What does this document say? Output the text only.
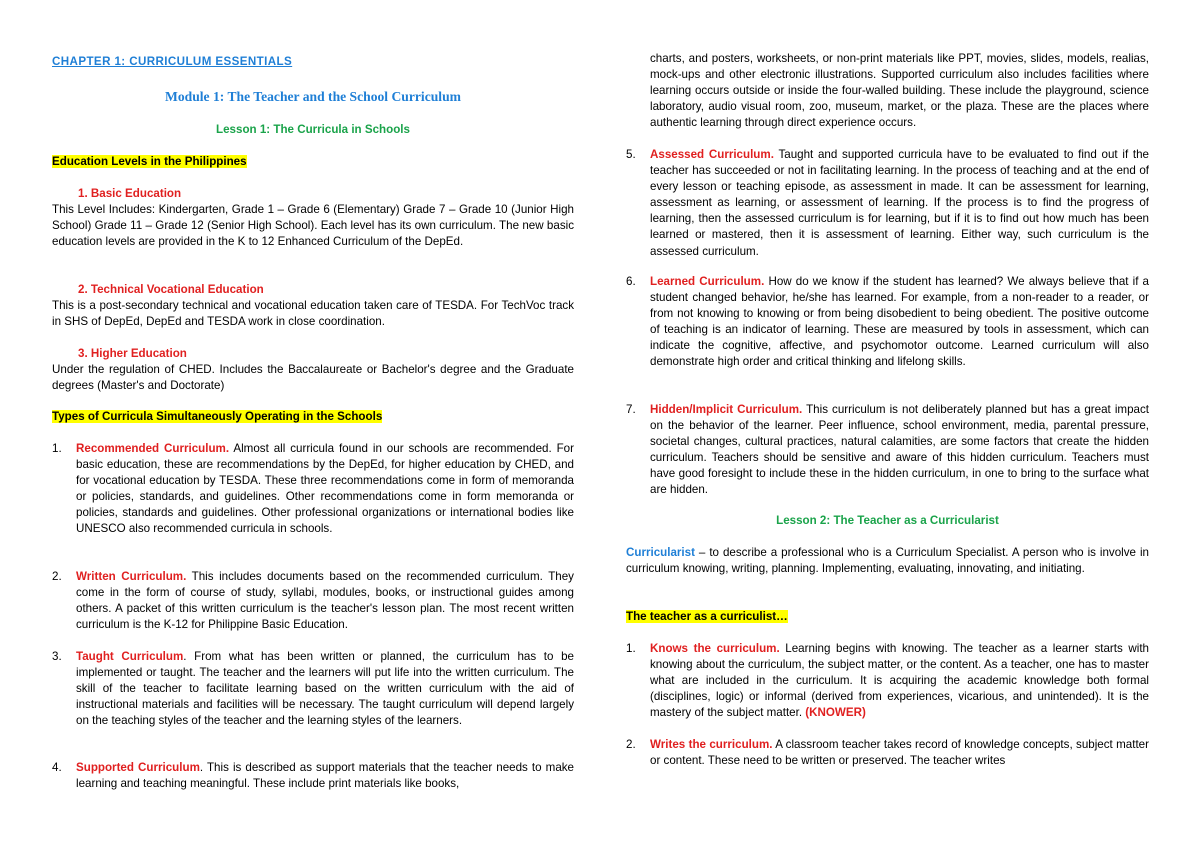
CHAPTER 1: CURRICULUM ESSENTIALS
Module 1: The Teacher and the School Curriculum
Lesson 1: The Curricula in Schools
Education Levels in the Philippines
1. Basic Education
This Level Includes: Kindergarten, Grade 1 – Grade 6 (Elementary) Grade 7 – Grade 10 (Junior High School) Grade 11 – Grade 12 (Senior High School). Each level has its own curriculum. The new basic education levels are provided in the K to 12 Enhanced Curriculum of the DepEd.
2. Technical Vocational Education
This is a post-secondary technical and vocational education taken care of TESDA. For TechVoc track in SHS of DepEd, DepEd and TESDA work in close coordination.
3. Higher Education
Under the regulation of CHED. Includes the Baccalaureate or Bachelor's degree and the Graduate degrees (Master's and Doctorate)
Types of Curricula Simultaneously Operating in the Schools
1. Recommended Curriculum. Almost all curricula found in our schools are recommended. For basic education, these are recommendations by the DepEd, for higher education by CHED, and for vocational education by TESDA. These three recommendations come in form of memoranda or policies, standards, and guidelines. Other recommendations come in form memoranda or policies, standards and guidelines. Other professional organizations or international bodies like UNESCO also recommended curricula in schools.
2. Written Curriculum. This includes documents based on the recommended curriculum. They come in the form of course of study, syllabi, modules, books, or instructional guides among others. A packet of this written curriculum is the teacher's lesson plan. The most recent written curriculum is the K-12 for Philippine Basic Education.
3. Taught Curriculum. From what has been written or planned, the curriculum has to be implemented or taught. The teacher and the learners will put life into the written curriculum. The skill of the teacher to facilitate learning based on the written curriculum with the aid of instructional materials and facilities will be necessary. The taught curriculum will depend largely on the teaching styles of the teacher and the learning styles of the learners.
4. Supported Curriculum. This is described as support materials that the teacher needs to make learning and teaching meaningful. These include print materials like books,
charts, and posters, worksheets, or non-print materials like PPT, movies, slides, models, realias, mock-ups and other electronic illustrations. Supported curriculum also includes facilities where learning occurs outside or inside the four-walled building. These include the playground, science laboratory, audio visual room, zoo, museum, market, or the plaza. These are the places where authentic learning through direct experience occurs.
5. Assessed Curriculum. Taught and supported curricula have to be evaluated to find out if the teacher has succeeded or not in facilitating learning. In the process of teaching and at the end of every lesson or teaching episode, as assessment in made. It can be assessment for learning, assessment as learning, or assessment of learning. If the process is to find the progress of learning, then the assessed curriculum is for learning, but if it is to find out how much has been learned or mastered, then it is assessment of learning. Either way, such curriculum is the assessed curriculum.
6. Learned Curriculum. How do we know if the student has learned? We always believe that if a student changed behavior, he/she has learned. For example, from a non-reader to a reader, or from not knowing to knowing or from being disobedient to being obedient. The positive outcome of teaching is an indicator of learning. These are measured by tools in assessment, which can indicate the cognitive, affective, and psychomotor outcome. Learned curriculum will also demonstrate high order and critical thinking and lifelong skills.
7. Hidden/Implicit Curriculum. This curriculum is not deliberately planned but has a great impact on the behavior of the learner. Peer influence, school environment, media, parental pressure, societal changes, cultural practices, natural calamities, are some factors that create the hidden curriculum. Teachers should be sensitive and aware of this hidden curriculum. Teachers must have good foresight to include these in the hidden curriculum, in one to bring to the surface what are hidden.
Lesson 2: The Teacher as a Curricularist
Curricularist – to describe a professional who is a Curriculum Specialist. A person who is involve in curriculum knowing, writing, planning. Implementing, evaluating, innovating, and initiating.
The teacher as a curriculist…
1. Knows the curriculum. Learning begins with knowing. The teacher as a learner starts with knowing about the curriculum, the subject matter, or the content. As a teacher, one has to master what are included in the curriculum. It is acquiring the academic knowledge both formal (disciplines, logic) or informal (derived from experiences, vicarious, and unintended). It is the mastery of the subject matter. (KNOWER)
2. Writes the curriculum. A classroom teacher takes record of knowledge concepts, subject matter or content. These need to be written or preserved. The teacher writes
